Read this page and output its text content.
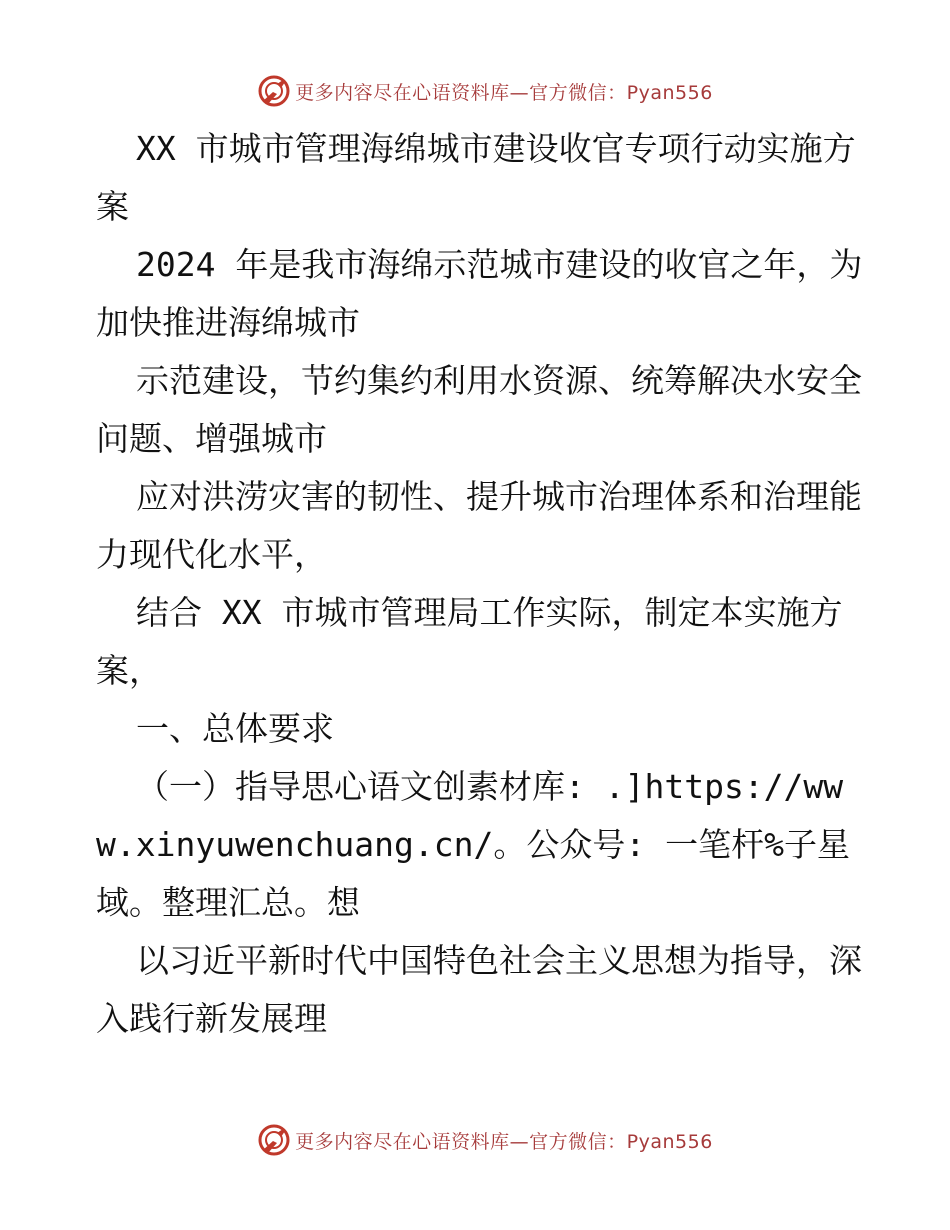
更多内容尽在心语资料库—官方微信：Pyan556

XX 市城市管理海绵城市建设收官专项行动实施方案

2024 年是我市海绵示范城市建设的收官之年，为加快推进海绵城市

示范建设，节约集约利用水资源、统筹解决水安全问题、增强城市

应对洪涝灾害的韧性、提升城市治理体系和治理能力现代化水平，

结合 XX 市城市管理局工作实际，制定本实施方案，

一、总体要求

（一）指导思心语文创素材库: .]https://www.xinyuwenchuang.cn/。公众号: 一笔杆%子星域。整理汇总。想

以习近平新时代中国特色社会主义思想为指导，深入践行新发展理

更多内容尽在心语资料库—官方微信：Pyan556
